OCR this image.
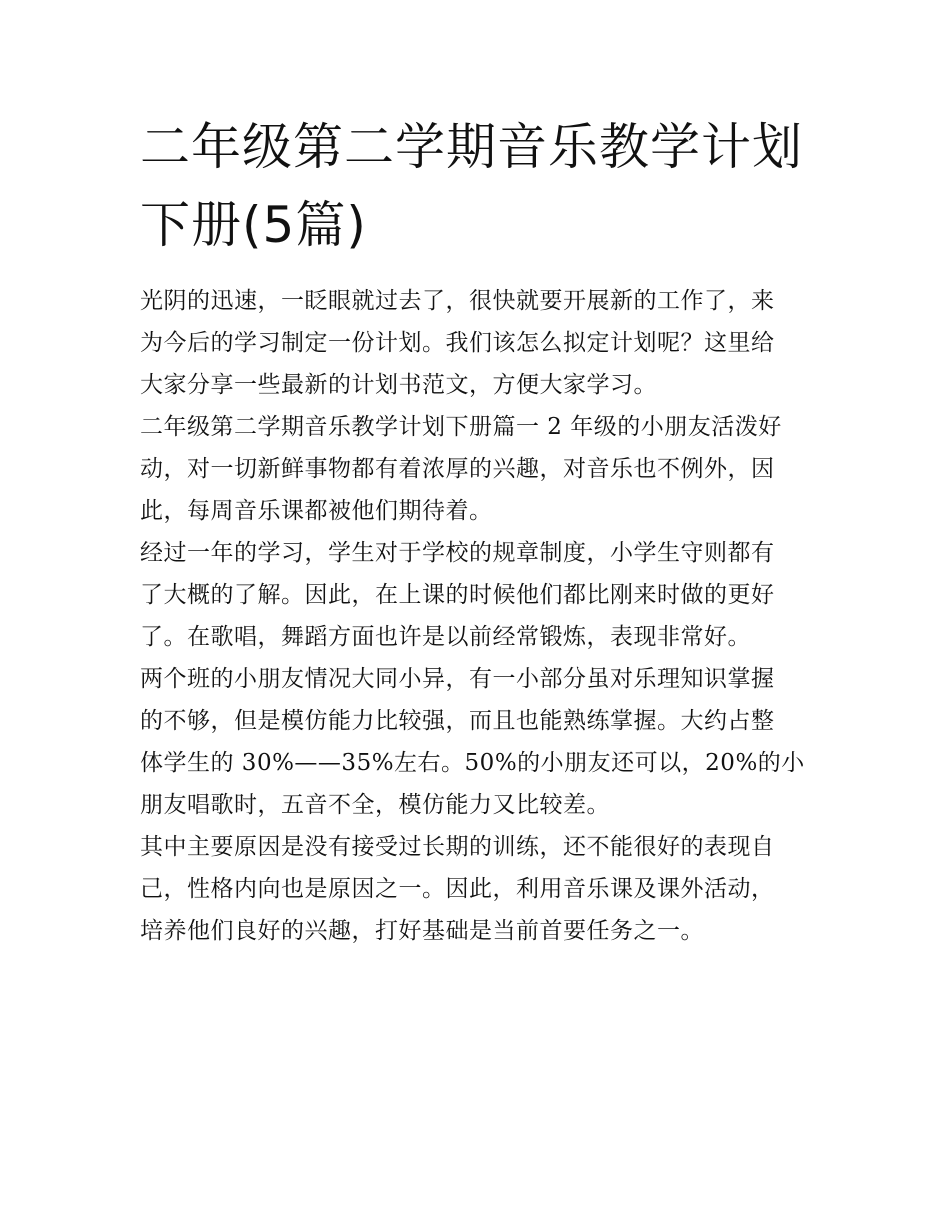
二年级第二学期音乐教学计划
下册(5篇)

光阴的迅速，一眨眼就过去了，很快就要开展新的工作了，来
为今后的学习制定一份计划。我们该怎么拟定计划呢？这里给
大家分享一些最新的计划书范文，方便大家学习。

二年级第二学期音乐教学计划下册篇一 2 年级的小朋友活泼好
动，对一切新鲜事物都有着浓厚的兴趣，对音乐也不例外，因
此，每周音乐课都被他们期待着。

经过一年的学习，学生对于学校的规章制度，小学生守则都有
了大概的了解。因此，在上课的时候他们都比刚来时做的更好
了。在歌唱，舞蹈方面也许是以前经常锻炼，表现非常好。

两个班的小朋友情况大同小异，有一小部分虽对乐理知识掌握
的不够，但是模仿能力比较强，而且也能熟练掌握。大约占整
体学生的 30%——35%左右。50%的小朋友还可以，20%的小
朋友唱歌时，五音不全，模仿能力又比较差。

其中主要原因是没有接受过长期的训练，还不能很好的表现自
己，性格内向也是原因之一。因此，利用音乐课及课外活动，
培养他们良好的兴趣，打好基础是当前首要任务之一。
